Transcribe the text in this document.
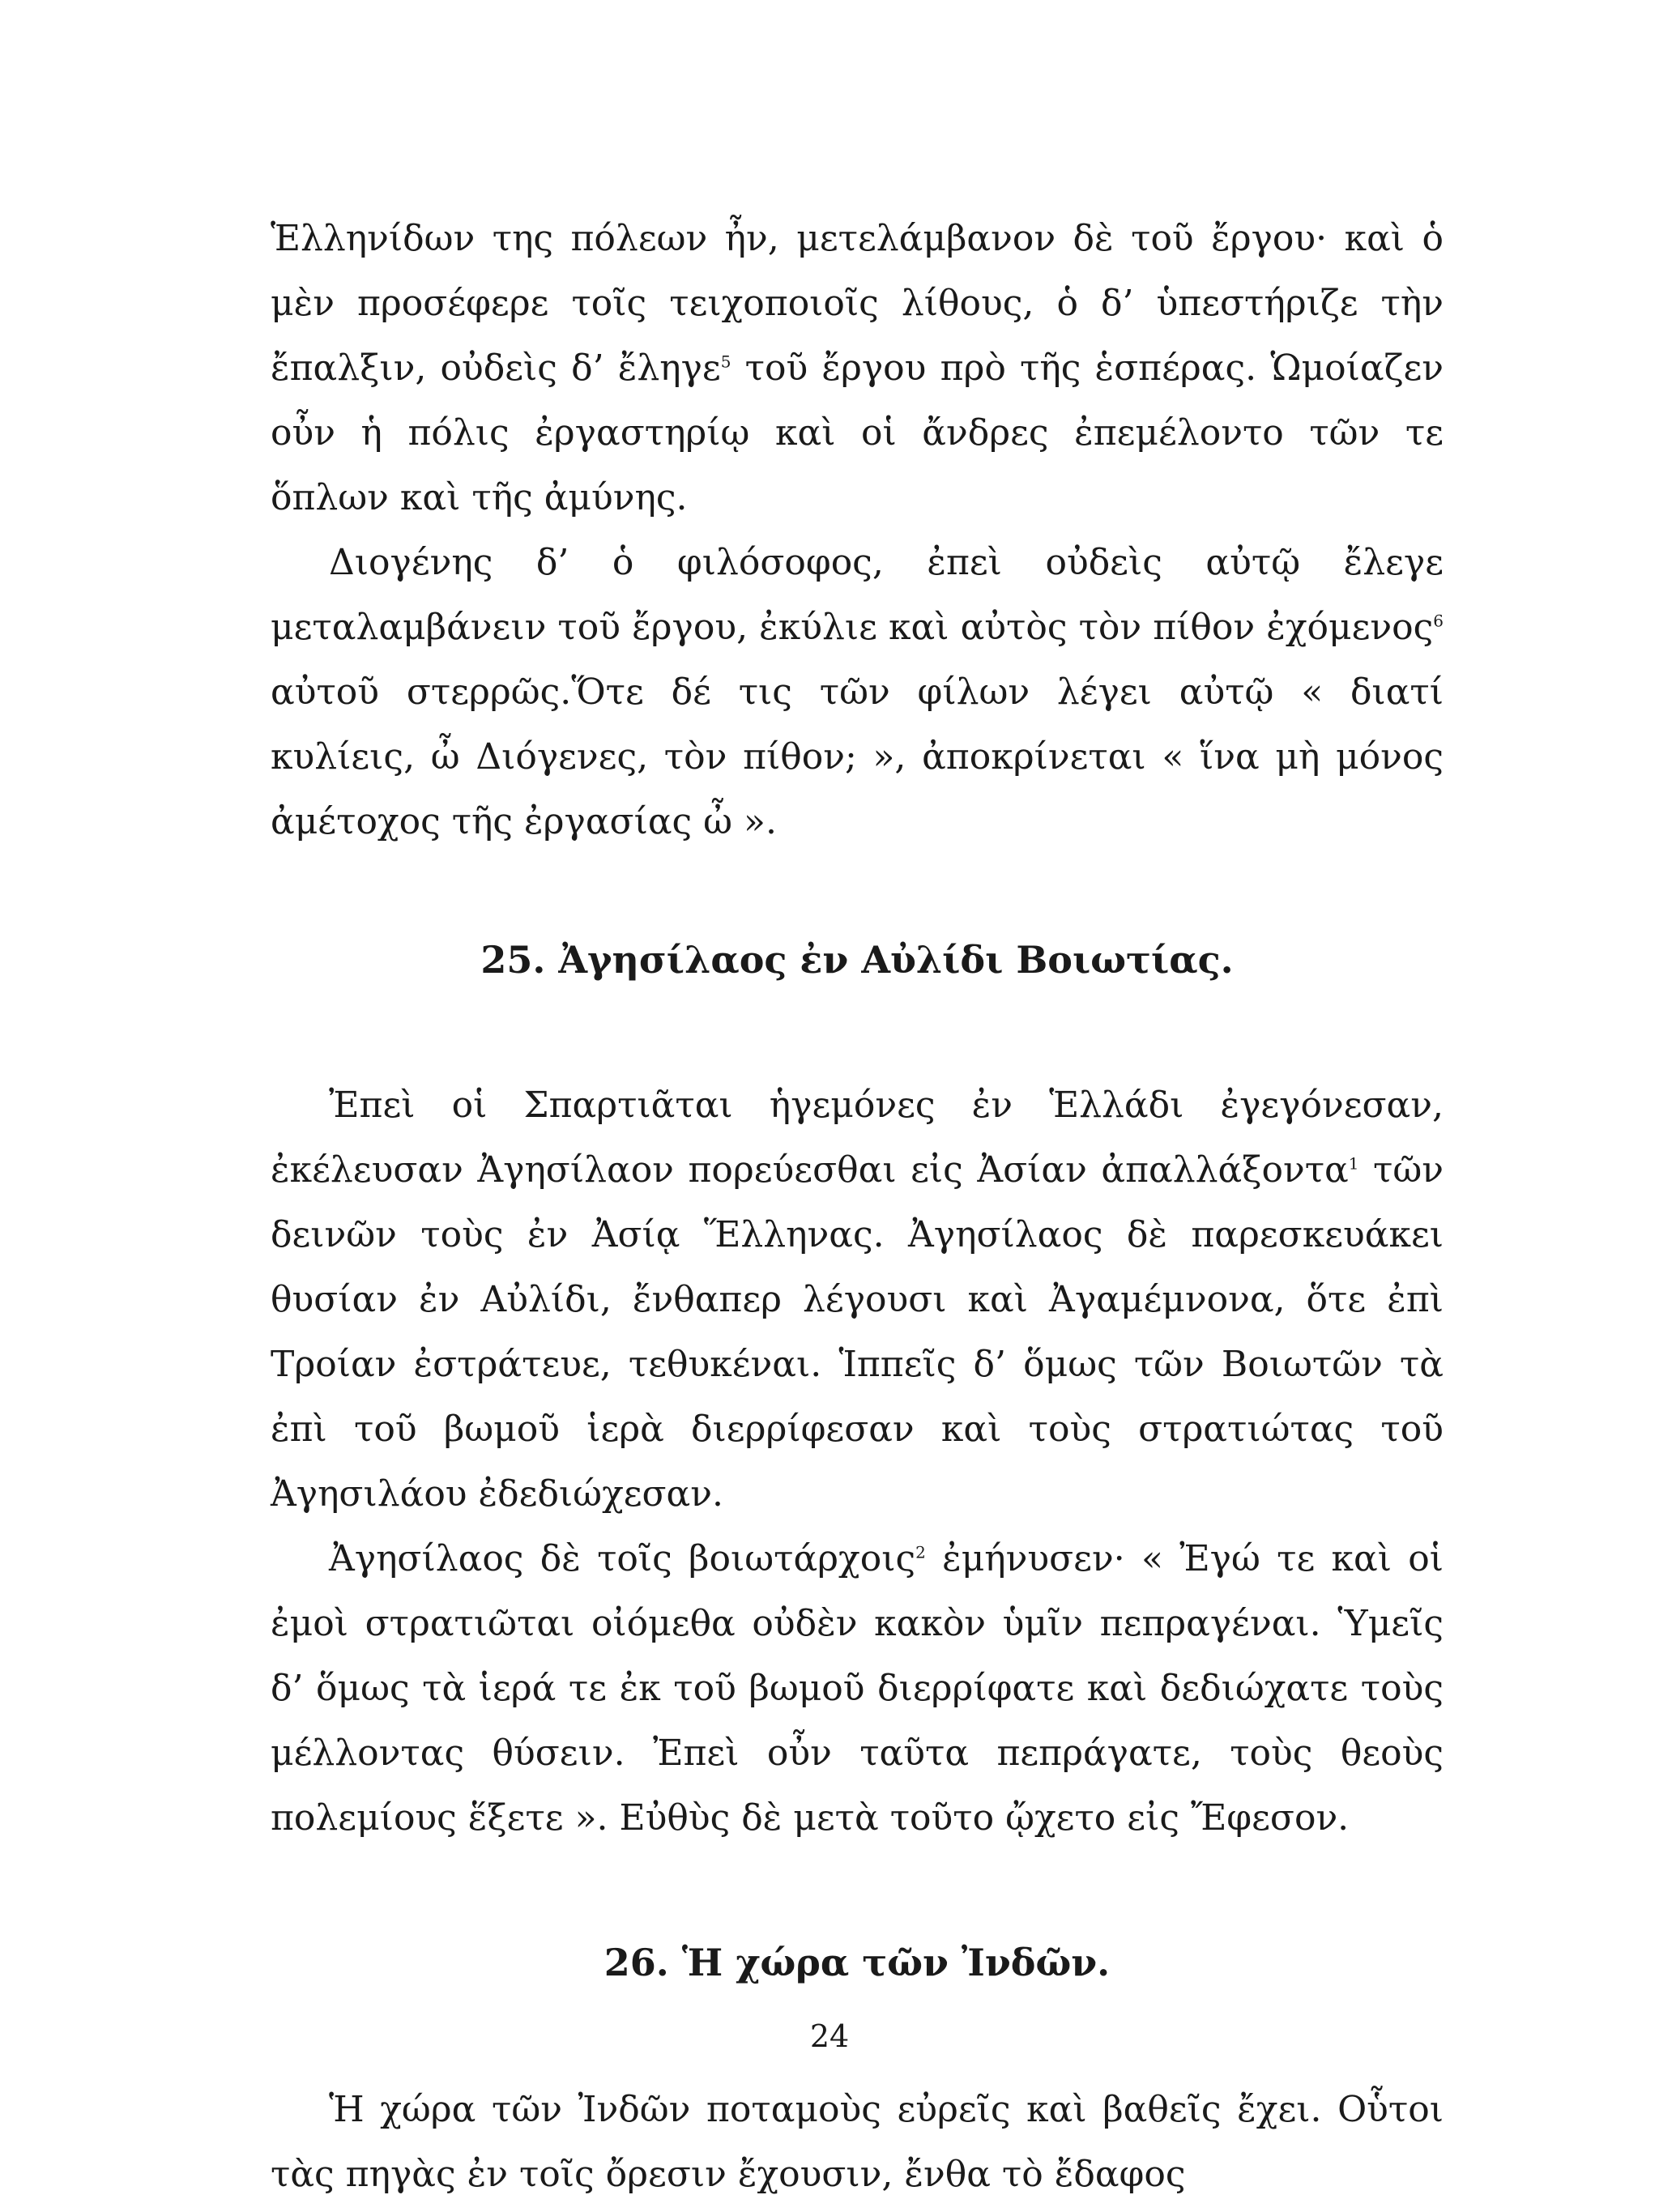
Ἑλληνίδων της πόλεων ἦν, μετελάμβανον δὲ τοῦ ἔργου· καὶ ὁ μὲν προσέφερε τοῖς τειχοποιοῖς λίθους, ὁ δ’ ὑπεστήριζε τὴν ἔπαλξιν, οὐδεὶς δ’ ἔληγε$^5$ τοῦ ἔργου πρὸ τῆς ἑσπέρας. Ὡμοίαζεν οὖν ἡ πόλις ἐργαστηρίῳ καὶ οἱ ἄνδρες ἐπεμέλοντο τῶν τε ὅπλων καὶ τῆς ἀμύνης.

Διογένης δ’ ὁ φιλόσοφος, ἐπεὶ οὐδεὶς αὐτῷ ἔλεγε μεταλαμβάνειν τοῦ ἔργου, ἐκύλιε καὶ αὐτὸς τὸν πίθον ἐχόμενος$^6$ αὐτοῦ στερρῶς.Ὅτε δέ τις τῶν φίλων λέγει αὐτῷ « διατί κυλίεις, ὦ Διόγενες, τὸν πίθον; », ἀποκρίνεται « ἵνα μὴ μόνος ἀμέτοχος τῆς ἐργασίας ὦ ».

25. Ἀγησίλαος ἐν Αὐλίδι Βοιωτίας.

Ἐπεὶ οἱ Σπαρτιᾶται ἡγεμόνες ἐν Ἑλλάδι ἐγεγόνεσαν, ἐκέλευσαν Ἀγησίλαον πορεύεσθαι εἰς Ἀσίαν ἀπαλλάξοντα$^1$ τῶν δεινῶν τοὺς ἐν Ἀσίᾳ Ἕλληνας. Ἀγησίλαος δὲ παρεσκευάκει θυσίαν ἐν Αὐλίδι, ἔνθαπερ λέγουσι καὶ Ἀγαμέμνονα, ὅτε ἐπὶ Τροίαν ἐστράτευε, τεθυκέναι. Ἱππεῖς δ’ ὅμως τῶν Βοιωτῶν τὰ ἐπὶ τοῦ βωμοῦ ἱερὰ διερρίφεσαν καὶ τοὺς στρατιώτας τοῦ Ἀγησιλάου ἐδεδιώχεσαν.

Ἀγησίλαος δὲ τοῖς βοιωτάρχοις$^2$ ἐμήνυσεν· « Ἐγώ τε καὶ οἱ ἐμοὶ στρατιῶται οἰόμεθα οὐδὲν κακὸν ὑμῖν πεπραγέναι. Ὑμεῖς δ’ ὅμως τὰ ἱερά τε ἐκ τοῦ βωμοῦ διερρίφατε καὶ δεδιώχατε τοὺς μέλλοντας θύσειν. Ἐπεὶ οὖν ταῦτα πεπράγατε, τοὺς θεοὺς πολεμίους ἕξετε ». Εὐθὺς δὲ μετὰ τοῦτο ᾤχετο εἰς Ἔφεσον.

26. Ἡ χώρα τῶν Ἰνδῶν.

Ἡ χώρα τῶν Ἰνδῶν ποταμοὺς εὐρεῖς καὶ βαθεῖς ἔχει. Οὗτοι τὰς πηγὰς ἐν τοῖς ὄρεσιν ἔχουσιν, ἔνθα τὸ ἔδαφος

24
